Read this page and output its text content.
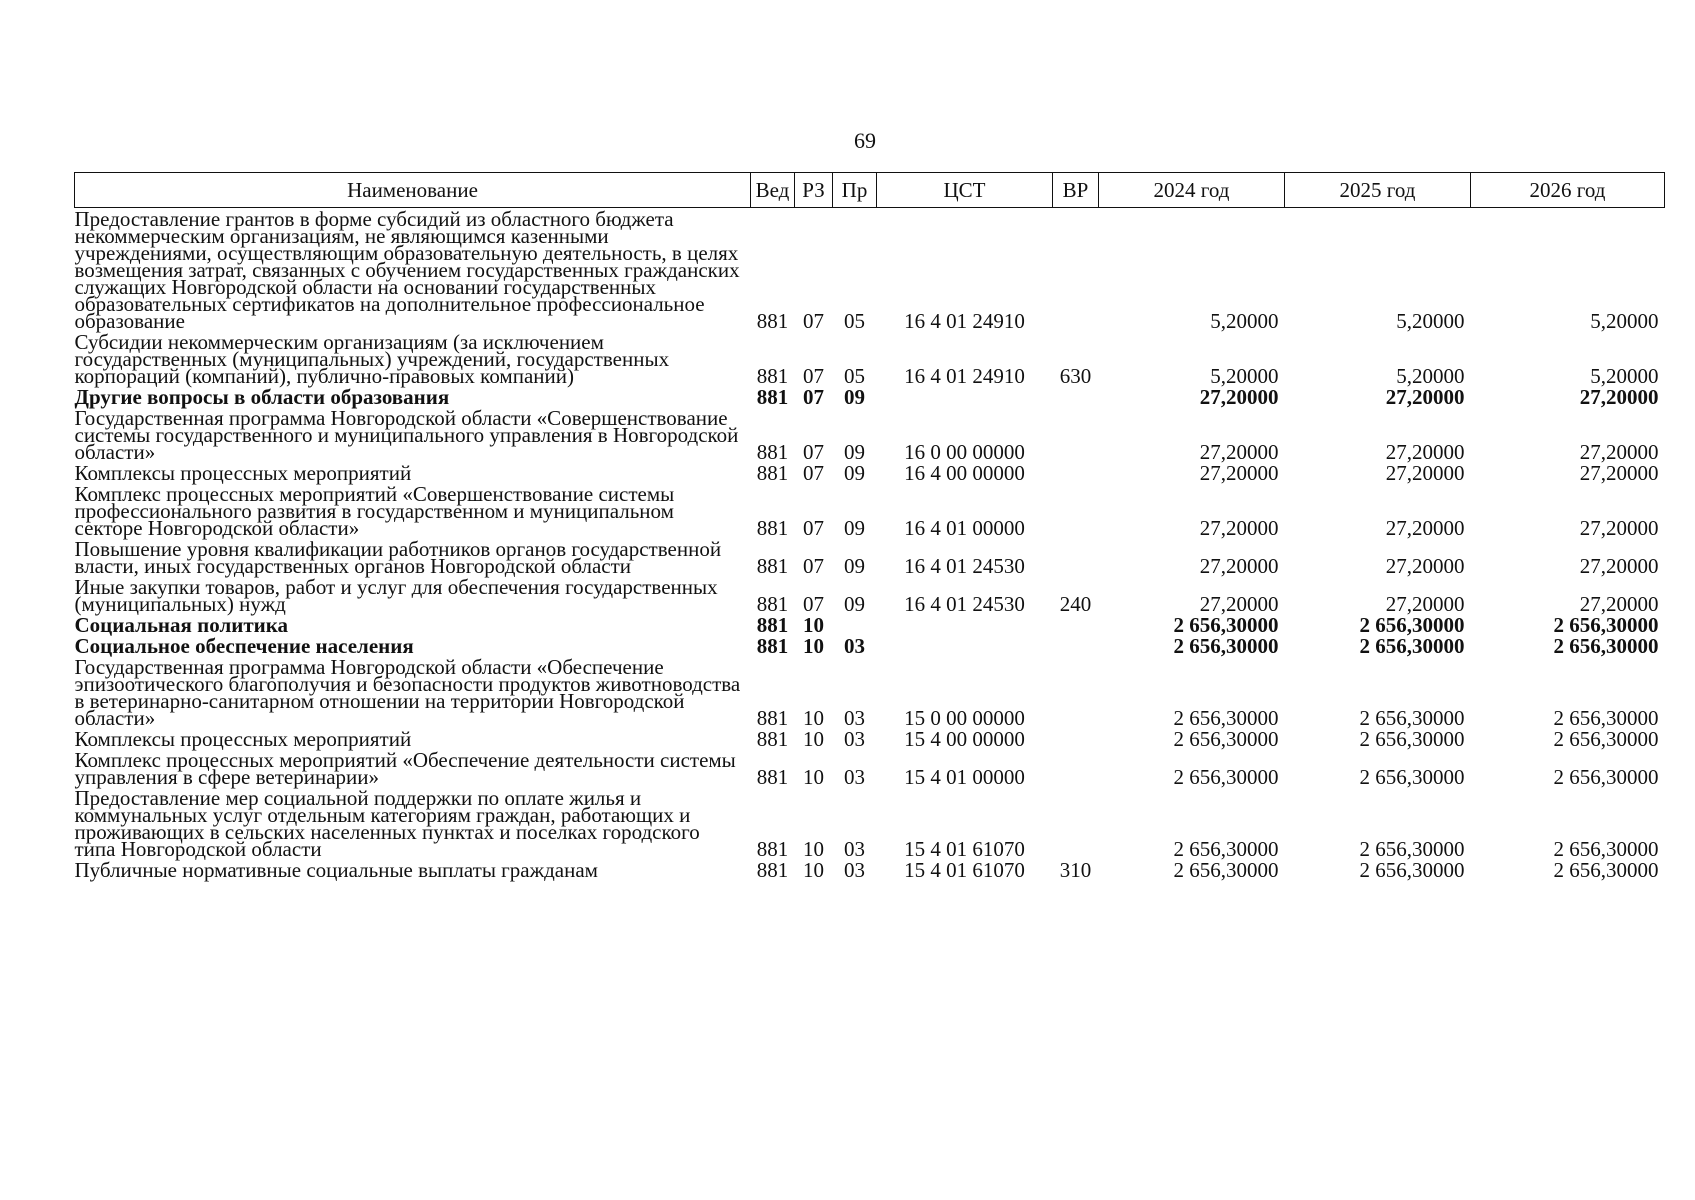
69
Наименование	Вед	РЗ	Пр	ЦСТ	ВР	2024 год	2025 год	2026 год
Предоставление грантов в форме субсидий из областного бюджета некоммерческим организациям, не являющимся казенными учреждениями, осуществляющим образовательную деятельность, в целях возмещения затрат, связанных с обучением государственных гражданских служащих Новгородской области на основании государственных образовательных сертификатов на дополнительное профессиональное образование	881	07	05	16 4 01 24910		5,20000	5,20000	5,20000
Субсидии некоммерческим организациям (за исключением государственных (муниципальных) учреждений, государственных корпораций (компаний), публично-правовых компаний)	881	07	05	16 4 01 24910	630	5,20000	5,20000	5,20000
Другие вопросы в области образования	881	07	09			27,20000	27,20000	27,20000
Государственная программа Новгородской области «Совершенствование системы государственного и муниципального управления в Новгородской области»	881	07	09	16 0 00 00000		27,20000	27,20000	27,20000
Комплексы процессных мероприятий	881	07	09	16 4 00 00000		27,20000	27,20000	27,20000
Комплекс процессных мероприятий «Совершенствование системы профессионального развития в государственном и муниципальном секторе Новгородской области»	881	07	09	16 4 01 00000		27,20000	27,20000	27,20000
Повышение уровня квалификации работников органов государственной власти, иных государственных органов Новгородской области	881	07	09	16 4 01 24530		27,20000	27,20000	27,20000
Иные закупки товаров, работ и услуг для обеспечения государственных (муниципальных) нужд	881	07	09	16 4 01 24530	240	27,20000	27,20000	27,20000
Социальная политика	881	10				2 656,30000	2 656,30000	2 656,30000
Социальное обеспечение населения	881	10	03			2 656,30000	2 656,30000	2 656,30000
Государственная программа Новгородской области «Обеспечение эпизоотического благополучия и безопасности продуктов животноводства в ветеринарно-санитарном отношении на территории Новгородской области»	881	10	03	15 0 00 00000		2 656,30000	2 656,30000	2 656,30000
Комплексы процессных мероприятий	881	10	03	15 4 00 00000		2 656,30000	2 656,30000	2 656,30000
Комплекс процессных мероприятий «Обеспечение деятельности системы управления в сфере ветеринарии»	881	10	03	15 4 01 00000		2 656,30000	2 656,30000	2 656,30000
Предоставление мер социальной поддержки по оплате жилья и коммунальных услуг отдельным категориям граждан, работающих и проживающих в сельских населенных пунктах и поселках городского типа Новгородской области	881	10	03	15 4 01 61070		2 656,30000	2 656,30000	2 656,30000
Публичные нормативные социальные выплаты гражданам	881	10	03	15 4 01 61070	310	2 656,30000	2 656,30000	2 656,30000
